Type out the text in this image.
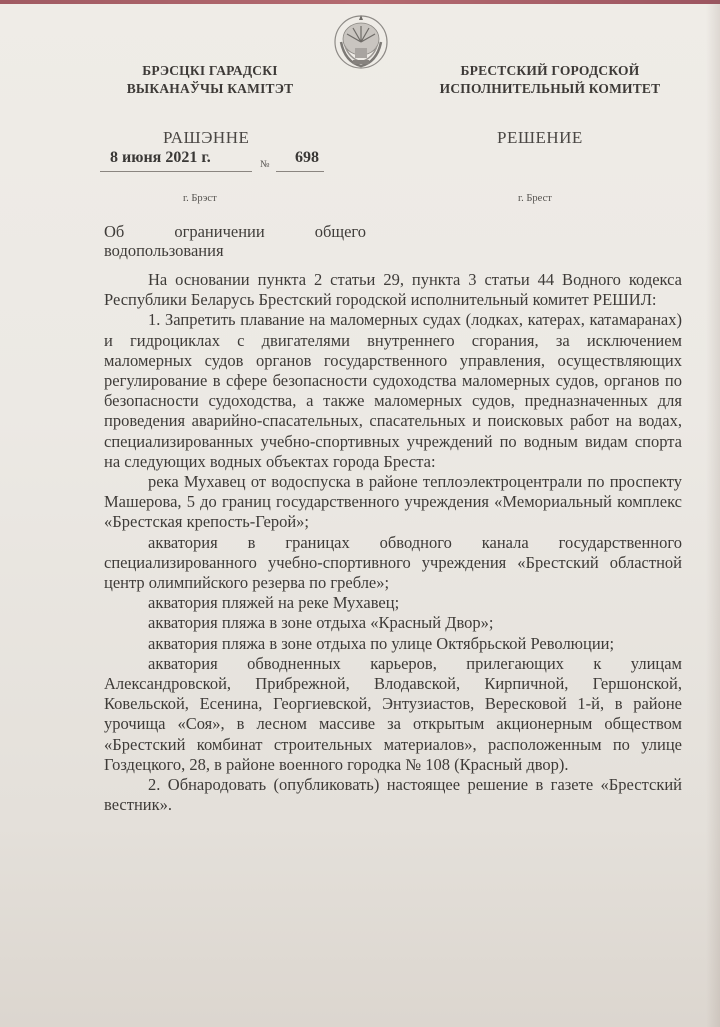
БРЭСЦКІ ГАРАДСКІ
ВЫКАНАЎЧЫ КАМІТЭТ
БРЕСТСКИЙ ГОРОДСКОЙ
ИСПОЛНИТЕЛЬНЫЙ КОМИТЕТ
РАШЭННЕ	РЕШЕНИЕ
8 июня 2021 г.	№ 698
г. Брэст	г. Брест
Об	ограничении	общего
водопользования

На основании пункта 2 статьи 29, пункта 3 статьи 44 Водного кодекса Республики Беларусь Брестский городской исполнительный комитет РЕШИЛ:

1. Запретить плавание на маломерных судах (лодках, катерах, катамаранах) и гидроциклах с двигателями внутреннего сгорания, за исключением маломерных судов органов государственного управления, осуществляющих регулирование в сфере безопасности судоходства маломерных судов, органов по безопасности судоходства, а также маломерных судов, предназначенных для проведения аварийно-спасательных, спасательных и поисковых работ на водах, специализированных учебно-спортивных учреждений по водным видам спорта на следующих водных объектах города Бреста:

река Мухавец от водоспуска в районе теплоэлектроцентрали по проспекту Машерова, 5 до границ государственного учреждения «Мемориальный комплекс «Брестская крепость-Герой»;

акватория в границах обводного канала государственного специализированного учебно-спортивного учреждения «Брестский областной центр олимпийского резерва по гребле»;

акватория пляжей на реке Мухавец;

акватория пляжа в зоне отдыха «Красный Двор»;

акватория пляжа в зоне отдыха по улице Октябрьской Революции;

акватория обводненных карьеров, прилегающих к улицам Александровской, Прибрежной, Влодавской, Кирпичной, Гершонской, Ковельской, Есенина, Георгиевской, Энтузиастов, Вересковой 1-й, в районе урочища «Соя», в лесном массиве за открытым акционерным обществом «Брестский комбинат строительных материалов», расположенным по улице Гоздецкого, 28, в районе военного городка № 108 (Красный двор).

2. Обнародовать (опубликовать) настоящее решение в газете «Брестский вестник».
